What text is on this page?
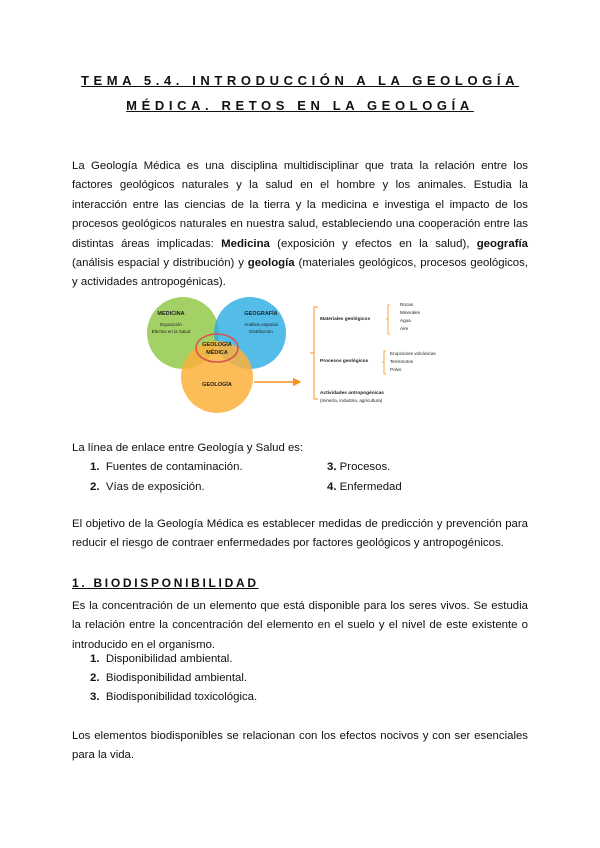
TEMA 5.4. INTRODUCCIÓN A LA GEOLOGÍA
MÉDICA. RETOS EN LA GEOLOGÍA

La Geología Médica es una disciplina multidisciplinar que trata la relación entre los factores geológicos naturales y la salud en el hombre y los animales. Estudia la interacción entre las ciencias de la tierra y la medicina e investiga el impacto de los procesos geológicos naturales en nuestra salud, estableciendo una cooperación entre las distintas áreas implicadas: Medicina (exposición y efectos en la salud), geografía (análisis espacial y distribución) y geología (materiales geológicos, procesos geológicos, y actividades antropogénicas).

MEDICINA
Exposición
Efectos en la Salud
GEOGRAFÍA
Análisis espacial
Distribución
GEOLOGÍA
MÉDICA
GEOLOGÍA
Materiales geológicos
Rocas
Minerales
Agua
Aire
Procesos geológicos
Erupciones volcánicas
Terremotos
Polvo
Actividades antropogénicas
(minería, industria, agricultura)
La línea de enlace entre Geología y Salud es:
1. Fuentes de contaminación.
2. Vías de exposición.
3. Procesos.
4. Enfermedad

El objetivo de la Geología Médica es establecer medidas de predicción y prevención para reducir el riesgo de contraer enfermedades por factores geológicos y antropogénicos.

1. BIODISPONIBILIDAD

Es la concentración de un elemento que está disponible para los seres vivos. Se estudia la relación entre la concentración del elemento en el suelo y el nivel de este existente o introducido en el organismo.

1. Disponibilidad ambiental.
2. Biodisponibilidad ambiental.
3. Biodisponibilidad toxicológica.

Los elementos biodisponibles se relacionan con los efectos nocivos y con ser esenciales para la vida.
